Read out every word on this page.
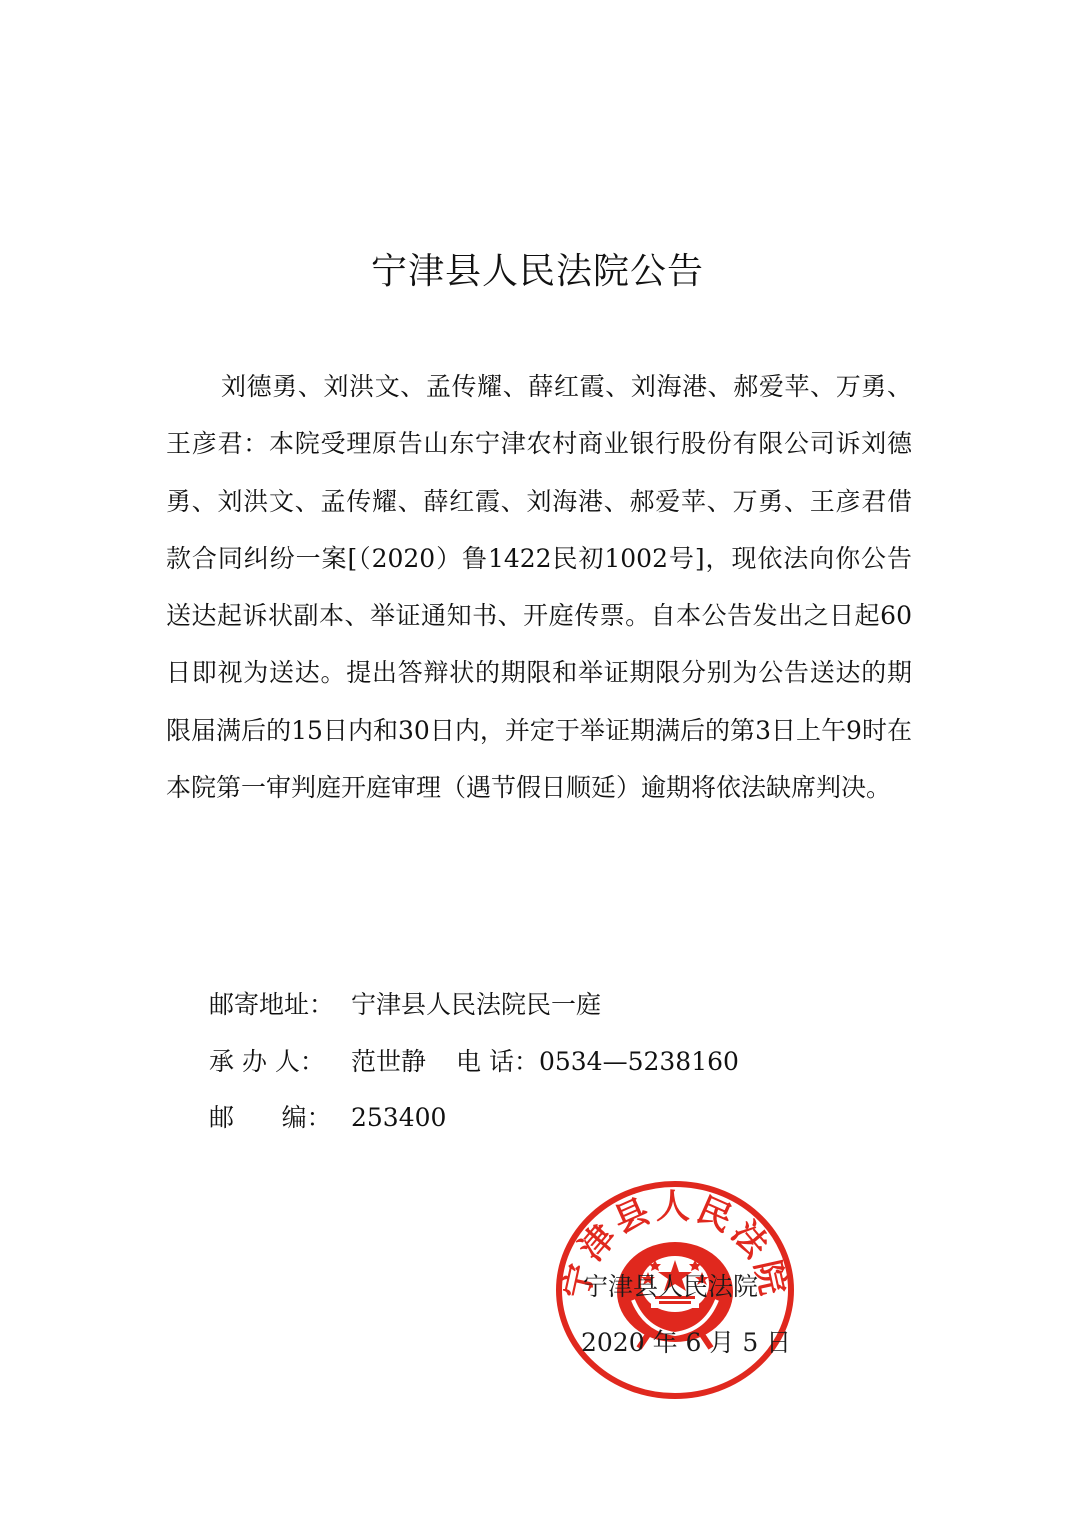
宁津县人民法院公告

刘德勇、刘洪文、孟传耀、薛红霞、刘海港、郝爱苹、万勇、王彦君：本院受理原告山东宁津农村商业银行股份有限公司诉刘德勇、刘洪文、孟传耀、薛红霞、刘海港、郝爱苹、万勇、王彦君借款合同纠纷一案[（2020）鲁1422民初1002号]，现依法向你公告送达起诉状副本、举证通知书、开庭传票。自本公告发出之日起60日即视为送达。提出答辩状的期限和举证期限分别为公告送达的期限届满后的15日内和30日内，并定于举证期满后的第3日上午9时在本院第一审判庭开庭审理（遇节假日顺延）逾期将依法缺席判决。

邮寄地址： 宁津县人民法院民一庭
承 办 人： 范世静 电 话：0534—5238160
邮      编： 253400
宁津县人民法院
宁津县人民法院
2020 年 6 月 5 日
